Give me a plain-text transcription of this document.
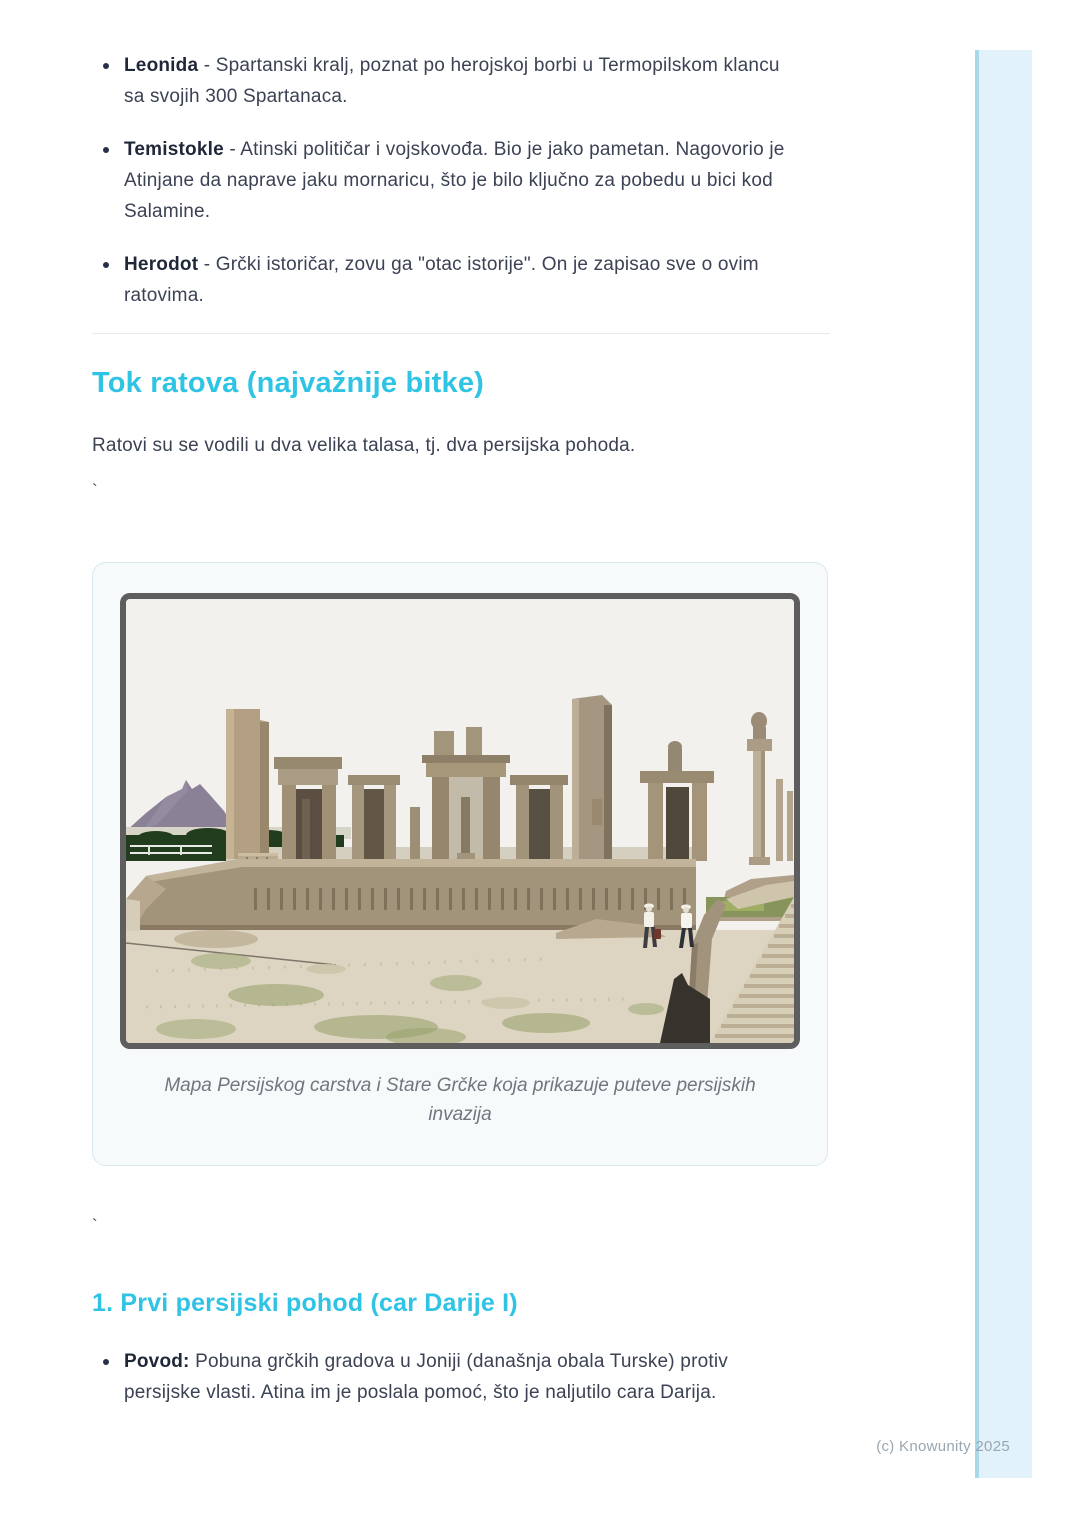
Leonida - Spartanski kralj, poznat po herojskoj borbi u Termopilskom klancu sa svojih 300 Spartanaca.
Temistokle - Atinski političar i vojskovođa. Bio je jako pametan. Nagovorio je Atinjane da naprave jaku mornaricu, što je bilo ključno za pobedu u bici kod Salamine.
Herodot - Grčki istoričar, zovu ga "otac istorije". On je zapisao sve o ovim ratovima.
Tok ratova (najvažnije bitke)

Ratovi su se vodili u dva velika talasa, tj. dva persijska pohoda.

`
Mapa Persijskog carstva i Stare Grčke koja prikazuje puteve persijskih invazija
`
1. Prvi persijski pohod (car Darije I)
Povod: Pobuna grčkih gradova u Joniji (današnja obala Turske) protiv persijske vlasti. Atina im je poslala pomoć, što je naljutilo cara Darija.
(c) Knowunity 2025
